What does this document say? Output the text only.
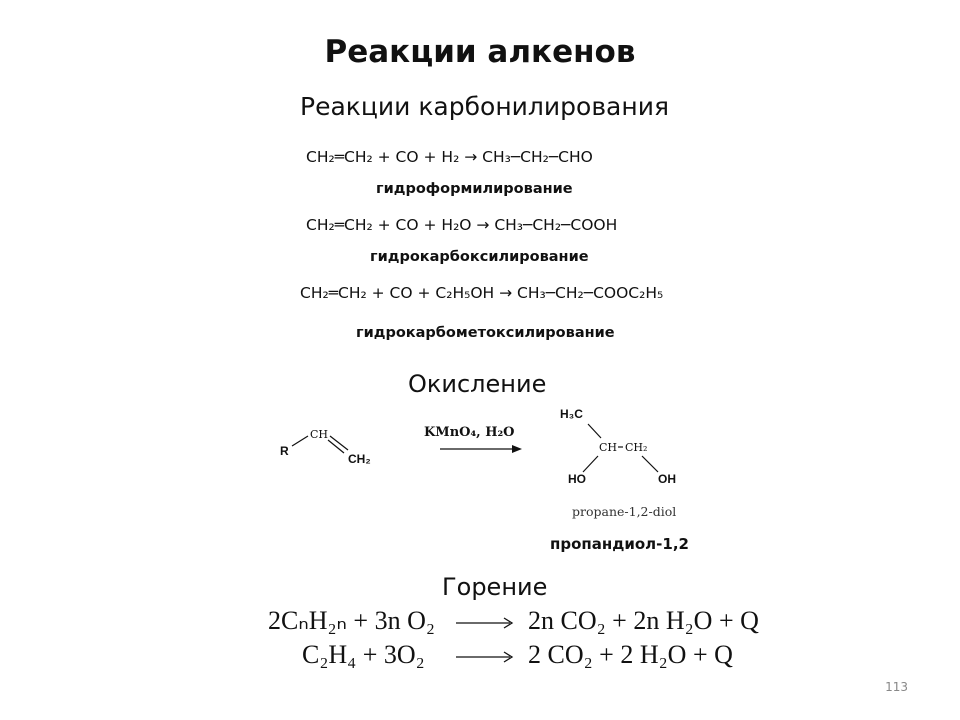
Реакции алкенов
Реакции карбонилирования
CH₂═CH₂ + CO + H₂ → CH₃─CH₂─CHO
гидроформилирование
CH₂═CH₂ + CO + H₂O → CH₃─CH₂─COOH
гидрокарбоксилирование
CH₂═CH₂ + CO + C₂H₅OH → CH₃─CH₂─COOC₂H₅
гидрокарбометоксилирование
Окисление
R
CH
CH₂
KMnO₄, H₂O
H₃C
CH CH₂
HO	OH
propane-1,2-diol
пропандиол-1,2
Горение
2CₙH₂ₙ + 3n O₂	2n CO₂ + 2n H₂O + Q
C₂H₄ + 3O₂	2 CO₂ + 2 H₂O + Q
113
